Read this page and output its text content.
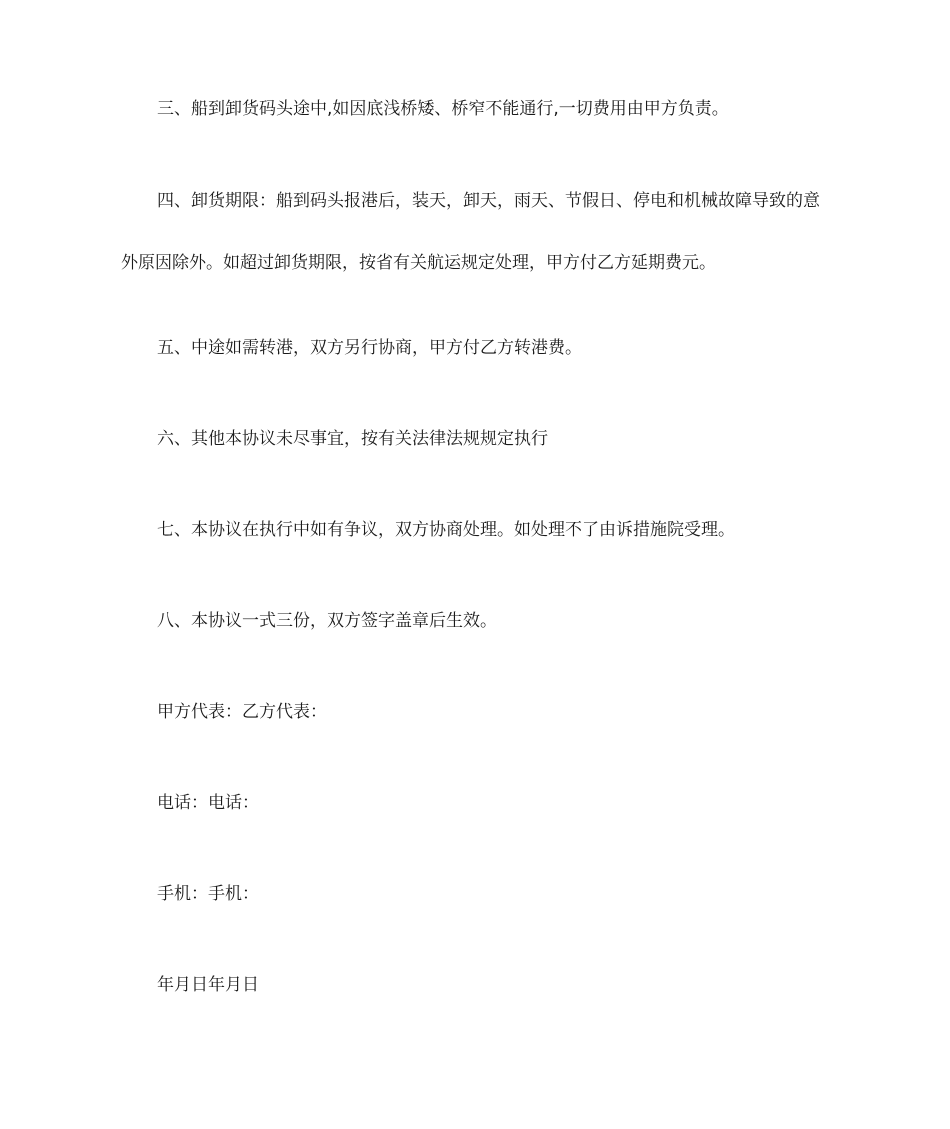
三、船到卸货码头途中,如因底浅桥矮、桥窄不能通行,一切费用由甲方负责。

四、卸货期限：船到码头报港后，装天，卸天，雨天、节假日、停电和机械故障导致的意外原因除外。如超过卸货期限，按省有关航运规定处理，甲方付乙方延期费元。

五、中途如需转港，双方另行协商，甲方付乙方转港费。

六、其他本协议未尽事宜，按有关法律法规规定执行

七、本协议在执行中如有争议，双方协商处理。如处理不了由诉措施院受理。

八、本协议一式三份，双方签字盖章后生效。

甲方代表：乙方代表：

电话：电话：

手机：手机：

年月日年月日
